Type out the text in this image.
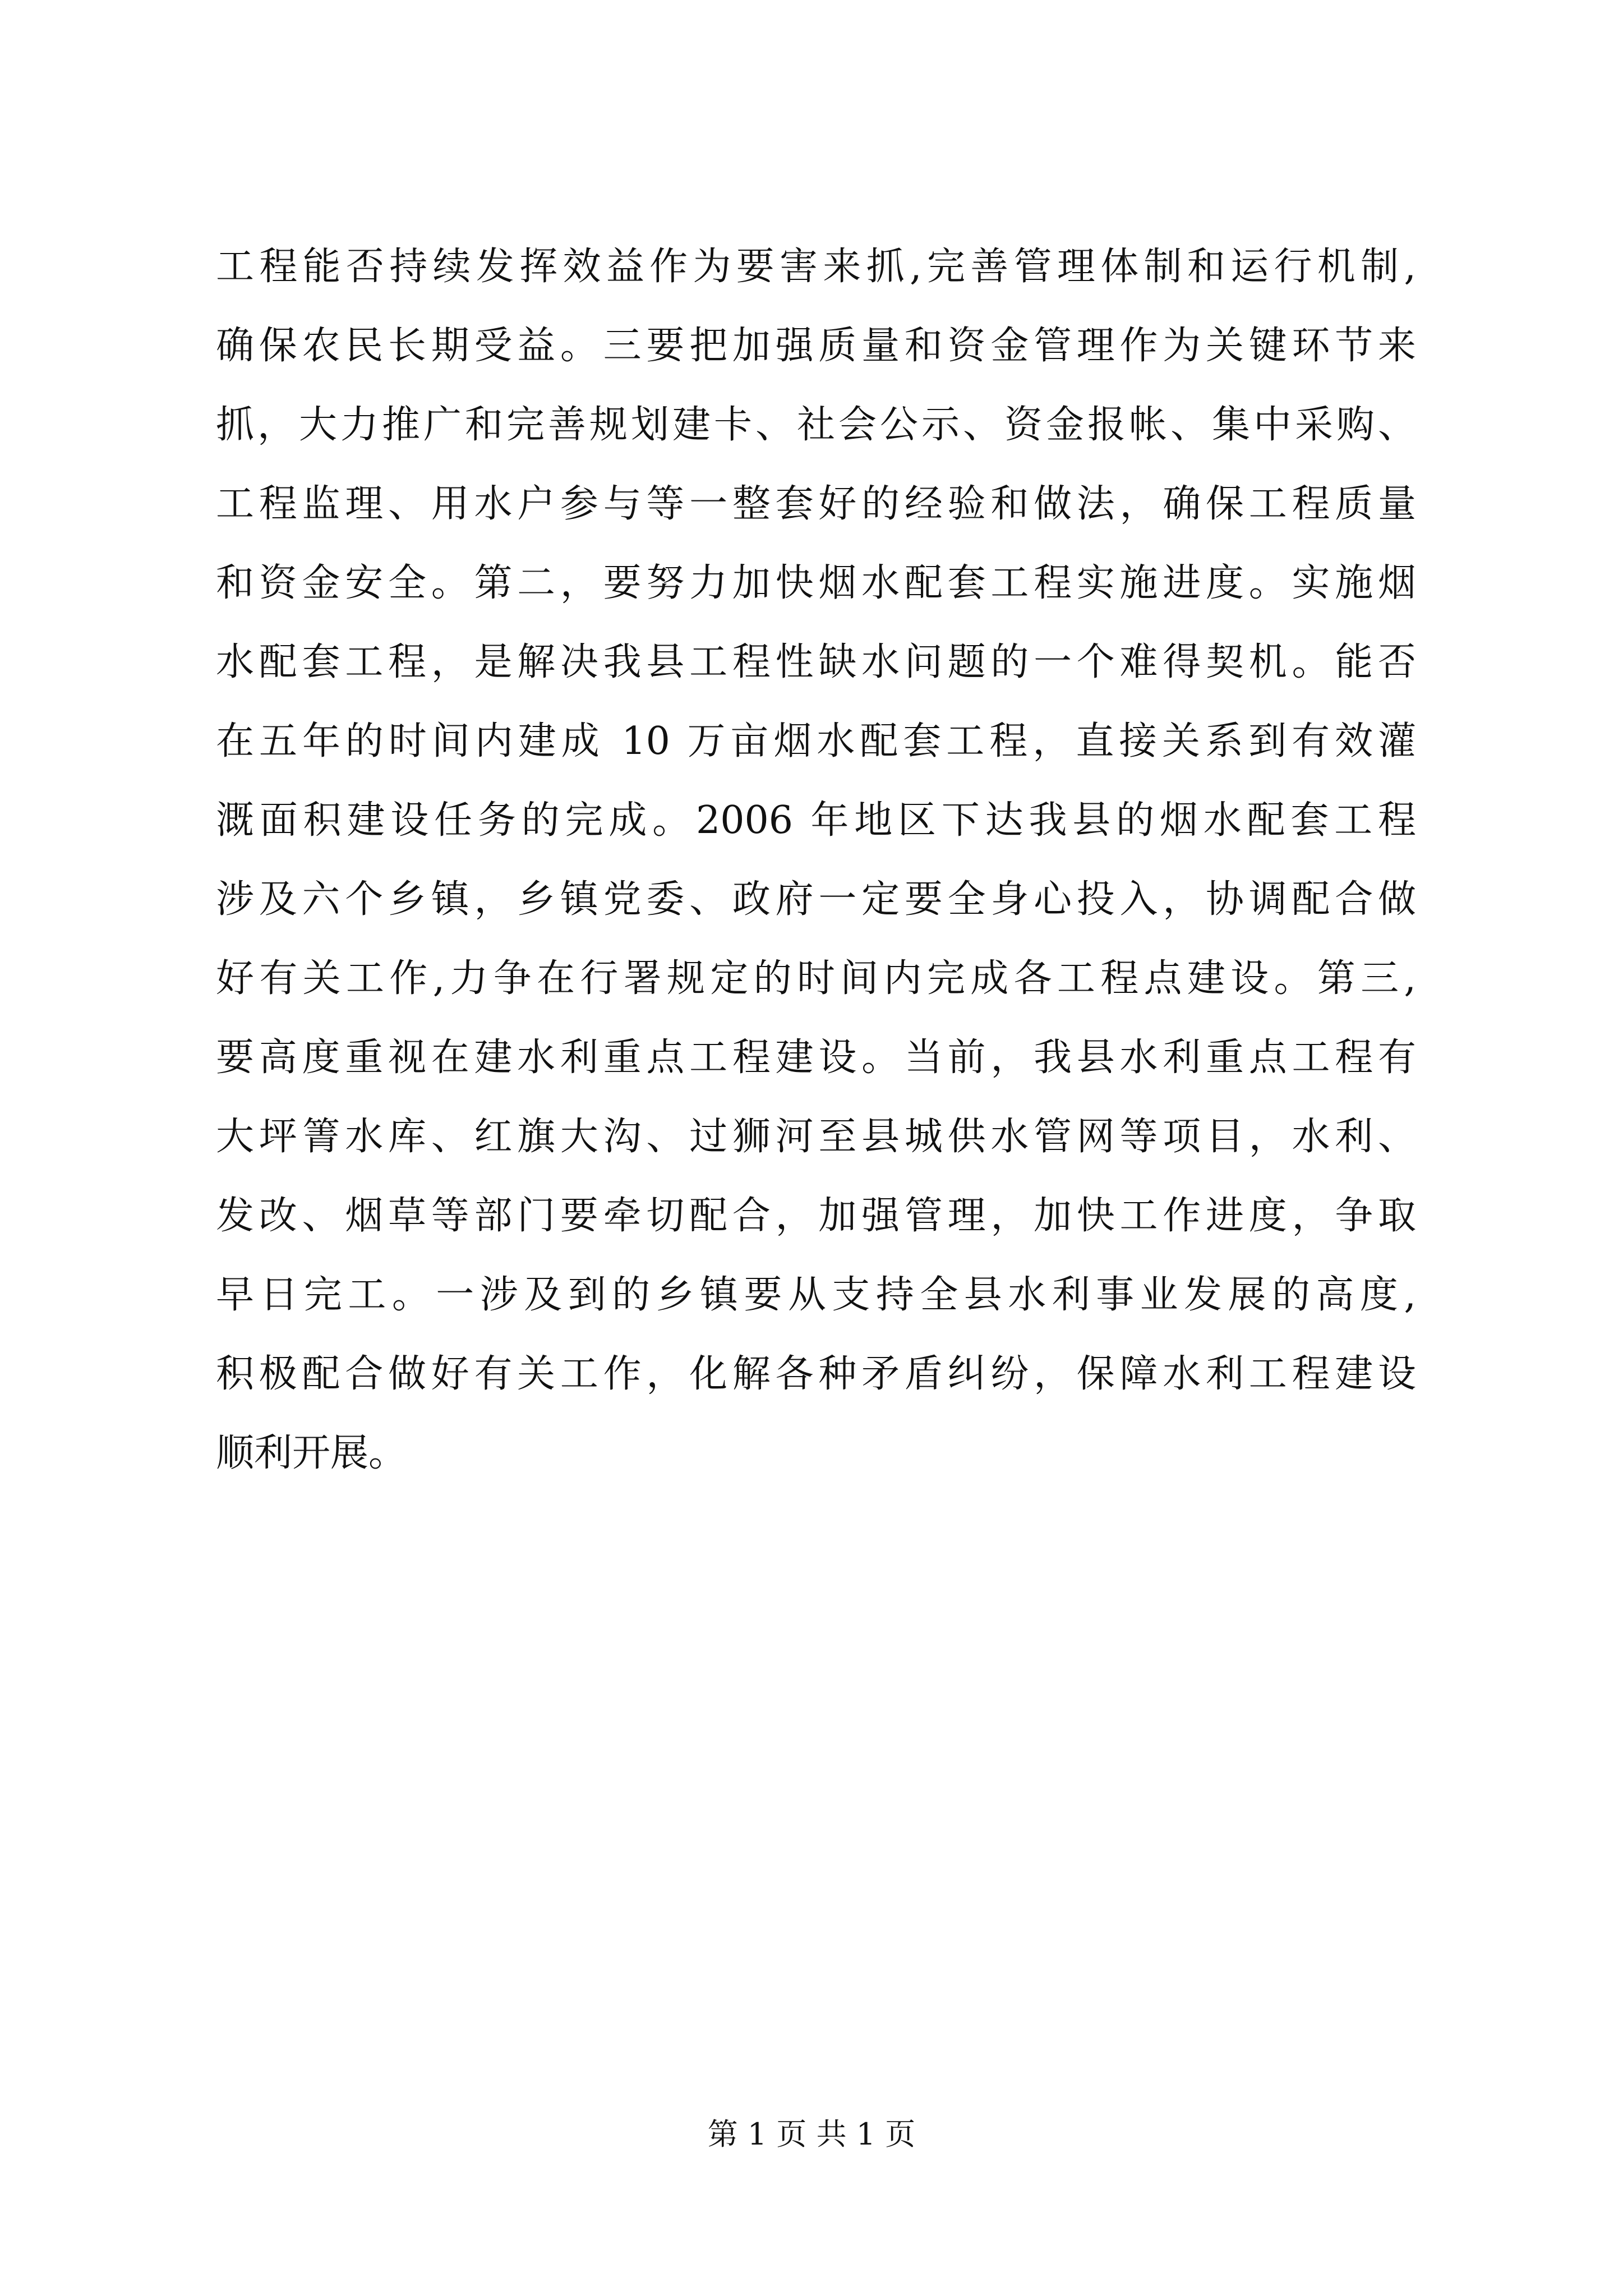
工程能否持续发挥效益作为要害来抓,完善管理体制和运行机制,
确保农民长期受益。三要把加强质量和资金管理作为关键环节来
抓，大力推广和完善规划建卡、社会公示、资金报帐、集中采购、
工程监理、用水户参与等一整套好的经验和做法，确保工程质量
和资金安全。第二，要努力加快烟水配套工程实施进度。实施烟
水配套工程，是解决我县工程性缺水问题的一个难得契机。能否
在五年的时间内建成 10 万亩烟水配套工程，直接关系到有效灌
溉面积建设任务的完成。2006 年地区下达我县的烟水配套工程
涉及六个乡镇，乡镇党委、政府一定要全身心投入，协调配合做
好有关工作,力争在行署规定的时间内完成各工程点建设。第三,
要高度重视在建水利重点工程建设。当前，我县水利重点工程有
大坪箐水库、红旗大沟、过狮河至县城供水管网等项目，水利、
发改、烟草等部门要牵切配合，加强管理，加快工作进度，争取
早日完工。一涉及到的乡镇要从支持全县水利事业发展的高度,
积极配合做好有关工作，化解各种矛盾纠纷，保障水利工程建设
顺利开展。
第 1 页 共 1 页
